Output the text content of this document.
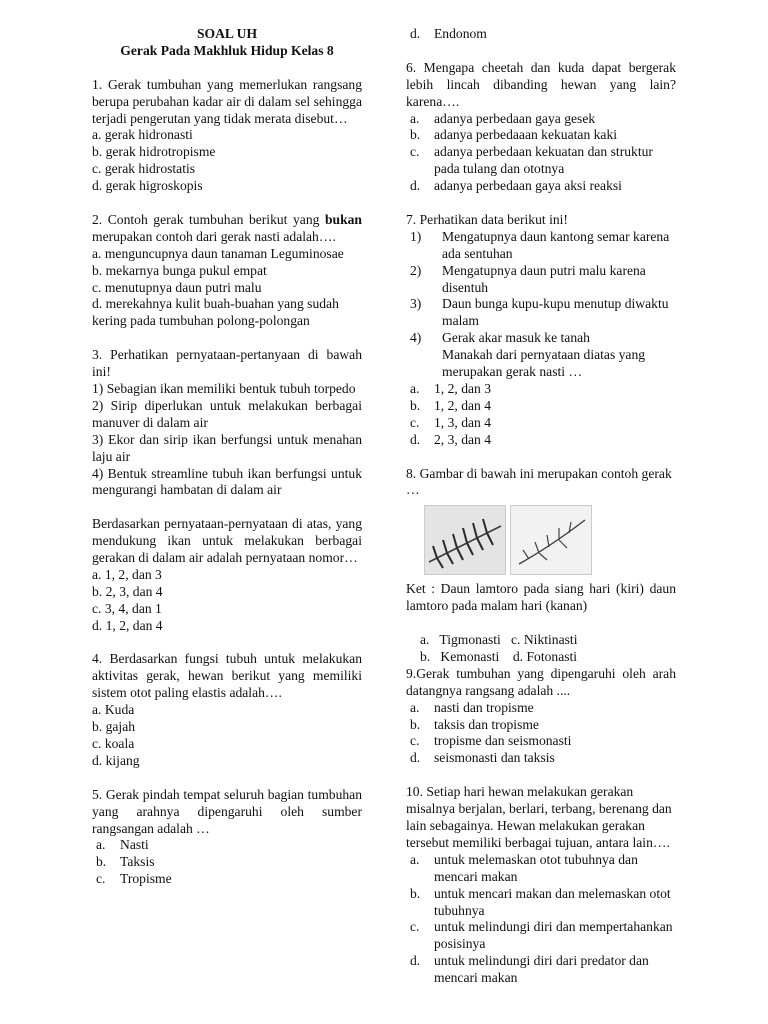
SOAL UH

Gerak Pada Makhluk Hidup Kelas 8

1. Gerak tumbuhan yang memerlukan rangsang berupa perubahan kadar air di dalam sel sehingga terjadi pengerutan yang tidak merata disebut…

a. gerak hidronasti

b. gerak hidrotropisme

c. gerak hidrostatis

d. gerak higroskopis

2. Contoh gerak tumbuhan berikut yang bukan merupakan contoh dari gerak nasti adalah….

a. menguncupnya daun tanaman Leguminosae

b. mekarnya bunga pukul empat

c. menutupnya daun putri malu

d. merekahnya kulit buah-buahan yang sudah kering pada tumbuhan polong-polongan

3. Perhatikan pernyataan-pertanyaan di bawah ini!

1) Sebagian ikan memiliki bentuk tubuh torpedo

2) Sirip diperlukan untuk melakukan berbagai manuver di dalam air

3) Ekor dan sirip ikan berfungsi untuk menahan laju air

4) Bentuk streamline tubuh ikan berfungsi untuk mengurangi hambatan di dalam air

Berdasarkan pernyataan-pernyataan di atas, yang mendukung ikan untuk melakukan berbagai gerakan di dalam air adalah pernyataan nomor…

a. 1, 2, dan 3

b. 2, 3, dan 4

c. 3, 4, dan 1

d. 1, 2, dan 4

4. Berdasarkan fungsi tubuh untuk melakukan aktivitas gerak, hewan berikut yang memiliki sistem otot paling elastis adalah….

a. Kuda

b. gajah

c. koala

d. kijang

5. Gerak pindah tempat seluruh bagian tumbuhan yang arahnya dipengaruhi oleh sumber rangsangan adalah …

a. Nasti

b. Taksis

c. Tropisme

d. Endonom

6. Mengapa cheetah dan kuda dapat bergerak lebih lincah dibanding hewan yang lain? karena….

a. adanya perbedaan gaya gesek

b. adanya perbedaaan kekuatan kaki

c. adanya perbedaan kekuatan dan struktur pada tulang dan ototnya

d. adanya perbedaan gaya aksi reaksi

7. Perhatikan data berikut ini!

1) Mengatupnya daun kantong semar karena ada sentuhan

2) Mengatupnya daun putri malu karena disentuh

3) Daun bunga kupu-kupu menutup diwaktu malam

4) Gerak akar masuk ke tanah

Manakah dari pernyataan diatas yang merupakan gerak nasti …

a. 1, 2, dan 3

b. 1, 2, dan 4

c. 1, 3, dan 4

d. 2, 3, dan 4

8. Gambar di bawah ini merupakan contoh gerak …

Ket : Daun lamtoro pada siang hari (kiri) daun lamtoro pada malam hari (kanan)

a.   Tigmonasti   c. Niktinasti

b.   Kemonasti    d. Fotonasti

9.Gerak tumbuhan yang dipengaruhi oleh arah datangnya rangsang adalah ....

a. nasti dan tropisme

b. taksis dan tropisme

c. tropisme dan seismonasti

d. seismonasti dan taksis

10. Setiap hari hewan melakukan gerakan misalnya berjalan, berlari, terbang, berenang dan lain sebagainya. Hewan melakukan gerakan tersebut memiliki berbagai tujuan, antara lain….

a. untuk melemaskan otot tubuhnya dan mencari makan

b. untuk mencari makan dan melemaskan otot tubuhnya

c. untuk melindungi diri dan mempertahankan posisinya

d. untuk melindungi diri dari predator dan mencari makan
